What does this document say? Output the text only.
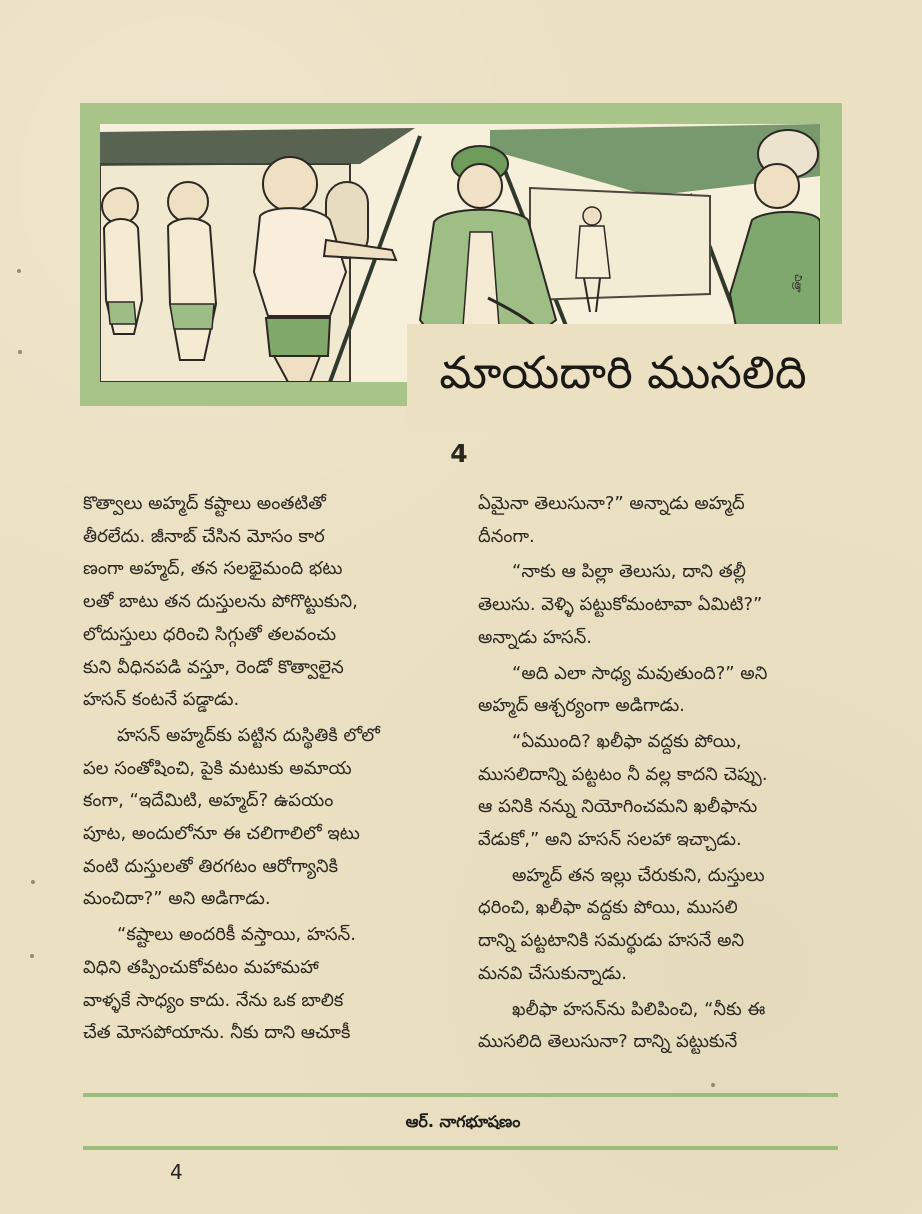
చిత్రా
మాయదారి ముసలిది
4

కొత్వాలు అహ్మద్ కష్టాలు అంతటితో
తీరలేదు. జీనాబ్ చేసిన మోసం కార
ణంగా అహ్మద్, తన సలభైమంది భటు
లతో బాటు తన దుస్తులను పోగొట్టుకుని,
లోదుస్తులు ధరించి సిగ్గుతో తలవంచు
కుని వీధినపడి వస్తూ, రెండో కొత్వాలైన
హసన్ కంటనే పడ్డాడు.

హసన్ అహ్మద్‌కు పట్టిన దుస్థితికి లోలో
పల సంతోషించి, పైకి మటుకు అమాయ
కంగా, “ఇదేమిటి, అహ్మద్? ఉపయం
పూట, అందులోనూ ఈ చలిగాలిలో ఇటు
వంటి దుస్తులతో తిరగటం ఆరోగ్యానికి
మంచిదా?” అని అడిగాడు.

“కష్టాలు అందరికీ వస్తాయి, హసన్.
విధిని తప్పించుకోవటం మహామహా
వాళ్ళకే సాధ్యం కాదు. నేను ఒక బాలిక
చేత మోసపోయాను. నీకు దాని ఆచూకీ

ఏమైనా తెలుసునా?” అన్నాడు అహ్మద్
దీనంగా.

“నాకు ఆ పిల్లా తెలుసు, దాని తల్లీ
తెలుసు. వెళ్ళి పట్టుకోమంటావా ఏమిటి?”
అన్నాడు హసన్.

“అది ఎలా సాధ్య మవుతుంది?” అని
అహ్మద్ ఆశ్చర్యంగా అడిగాడు.

“ఏముంది? ఖలీఫా వద్దకు పోయి,
ముసలిదాన్ని పట్టటం నీ వల్ల కాదని చెప్పు.
ఆ పనికి నన్ను నియోగించమని ఖలీఫాను
వేడుకో,” అని హసన్ సలహా ఇచ్చాడు.

అహ్మద్ తన ఇల్లు చేరుకుని, దుస్తులు
ధరించి, ఖలీఫా వద్దకు పోయి, ముసలి
దాన్ని పట్టటానికి సమర్థుడు హసనే అని
మనవి చేసుకున్నాడు.

ఖలీఫా హసన్‌ను పిలిపించి, “నీకు ఈ
ముసలిది తెలుసునా? దాన్ని పట్టుకునే

ఆర్. నాగభూషణం
4
